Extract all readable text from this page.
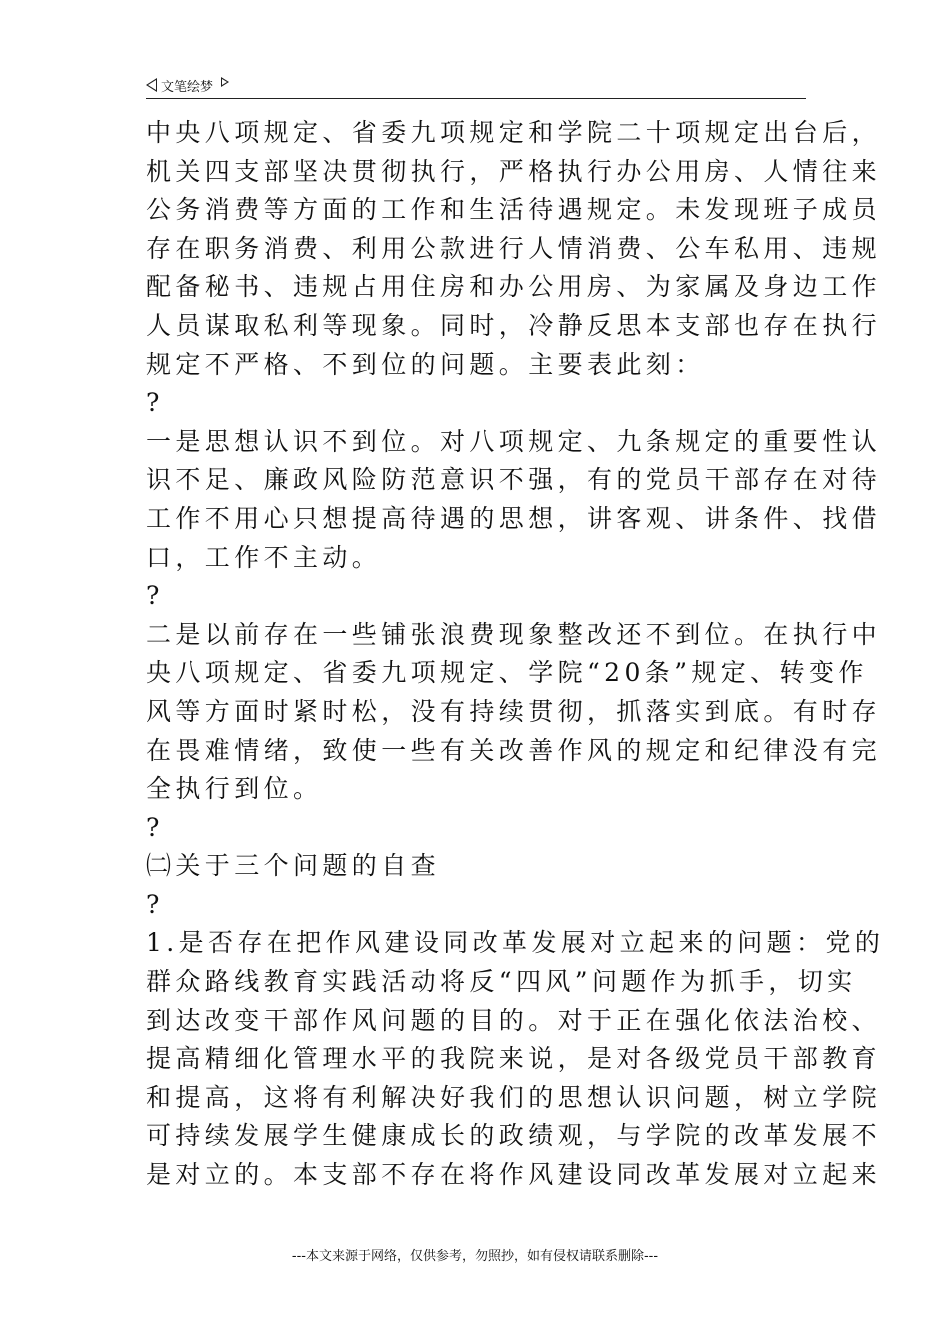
文笔绘梦
中央八项规定、省委九项规定和学院二十项规定出台后，
机关四支部坚决贯彻执行，严格执行办公用房、人情往来
公务消费等方面的工作和生活待遇规定。未发现班子成员
存在职务消费、利用公款进行人情消费、公车私用、违规
配备秘书、违规占用住房和办公用房、为家属及身边工作
人员谋取私利等现象。同时，冷静反思本支部也存在执行
规定不严格、不到位的问题。主要表此刻：
?
一是思想认识不到位。对八项规定、九条规定的重要性认
识不足、廉政风险防范意识不强，有的党员干部存在对待
工作不用心只想提高待遇的思想，讲客观、讲条件、找借
口，工作不主动。
?
二是以前存在一些铺张浪费现象整改还不到位。在执行中
央八项规定、省委九项规定、学院“20条”规定、转变作
风等方面时紧时松，没有持续贯彻，抓落实到底。有时存
在畏难情绪，致使一些有关改善作风的规定和纪律没有完
全执行到位。
?
㈡关于三个问题的自查
?
1.是否存在把作风建设同改革发展对立起来的问题：党的
群众路线教育实践活动将反“四风”问题作为抓手，切实
到达改变干部作风问题的目的。对于正在强化依法治校、
提高精细化管理水平的我院来说，是对各级党员干部教育
和提高，这将有利解决好我们的思想认识问题，树立学院
可持续发展学生健康成长的政绩观，与学院的改革发展不
是对立的。本支部不存在将作风建设同改革发展对立起来
---本文来源于网络，仅供参考，勿照抄，如有侵权请联系删除---
